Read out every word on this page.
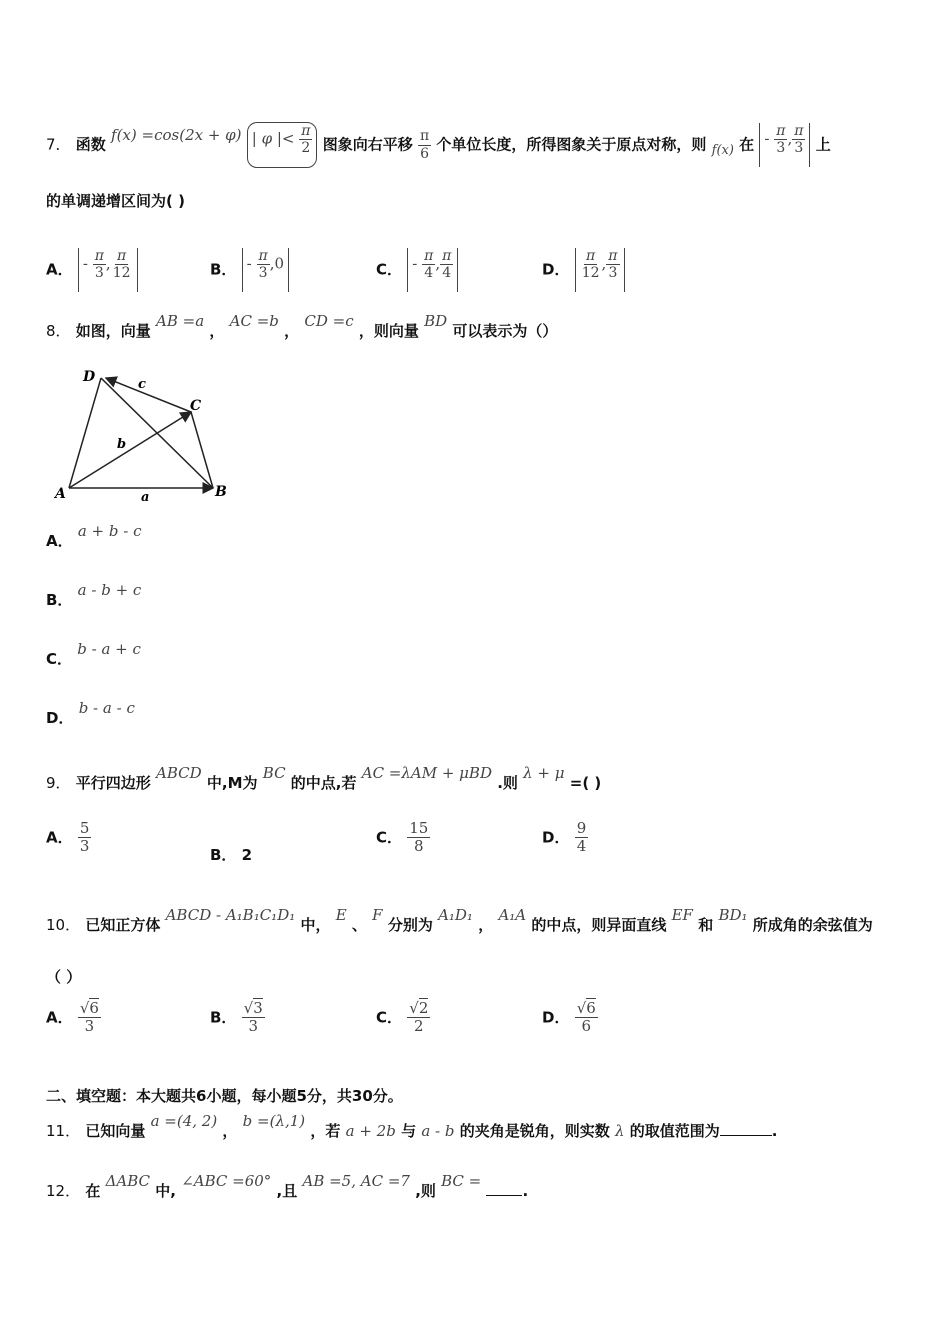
7． 函数 f(x) =cos(2x + φ) | φ |< $\frac{\pi}{2}$ 图象向右平移 $\frac{\pi}{6}$ 个单位长度，所得图象关于原点对称，则 f(x) 在 - $\frac{\pi}{3}$ , $\frac{\pi}{3}$ 上
的单调递增区间为( )
A． - $\frac{\pi}{3}$ , $\frac{\pi}{12}$	B． - $\frac{\pi}{3} ,0$	C． - $\frac{\pi}{4}$ , $\frac{\pi}{4}$	D． $\frac{\pi}{12}$ , $\frac{\pi}{3}$
8． 如图，向量 AB =a ， AC =b ， CD =c ，则向量 BD 可以表示为（）
D
C
A	B
a
b
c
A． a + b - c
B． a - b + c
C． b - a + c
D． b - a - c
9． 平行四边形 ABCD 中,M为 BC 的中点,若 AC =λAM + μBD .则 λ + μ =( )
A． $\frac{5}{3}$	B． 2
C． $\frac{15}{8}$	D． $\frac{9}{4}$
10． 已知正方体 ABCD - A₁B₁C₁D₁ 中， E 、 F 分别为 A₁D₁ ， A₁A 的中点，则异面直线 EF 和 BD₁ 所成角的余弦值为
（ ）
A． $\frac{√6}{3}$	B． $\frac{√3}{3}$	C． $\frac{√2}{2}$	D． $\frac{√6}{6}$
二、填空题：本大题共6小题，每小题5分，共30分。
11． 已知向量 a =(4, 2) ， b =(λ,1) ，若 a + 2b 与 a - b 的夹角是锐角，则实数 λ 的取值范围为	.
12． 在 ΔABC 中, ∠ABC =60° ,且 AB =5, AC =7 ,则 BC = .
